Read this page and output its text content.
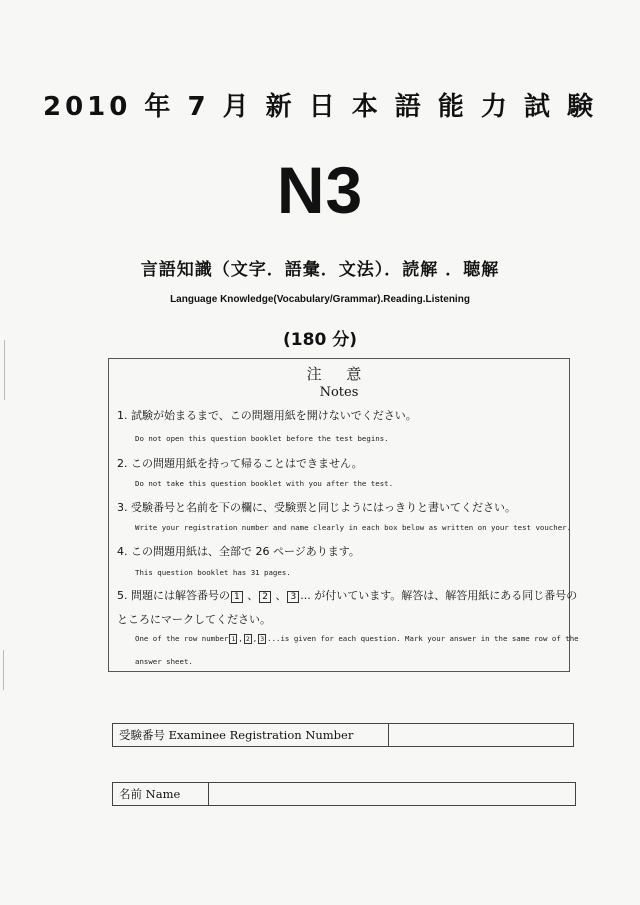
2010 年 7 月 新 日 本 語 能 力 試 験
N3
言語知識（文字．語彙．文法）．読解 ．聴解
Language Knowledge(Vocabulary/Grammar).Reading.Listening
(180 分)
注 意
Notes
1. 試験が始まるまで、この問題用紙を開けないでください。
Do not open this question booklet before the test begins.
2. この問題用紙を持って帰ることはできません。
Do not take this question booklet with you after the test.
3. 受験番号と名前を下の欄に、受験票と同じようにはっきりと書いてください。
Write your registration number and name clearly in each box below as written on your test voucher.
4. この問題用紙は、全部で 26 ページあります。
This question booklet has 31 pages.
5. 問題には解答番号の 1 、 2 、 3 ... が付いています。解答は、解答用紙にある同じ番号の
ところにマークしてください。
One of the row number 1 , 2 , 3 ...is given for each question. Mark your answer in the same row of the
answer sheet.
受験番号 Examinee Registration Number
名前 Name
